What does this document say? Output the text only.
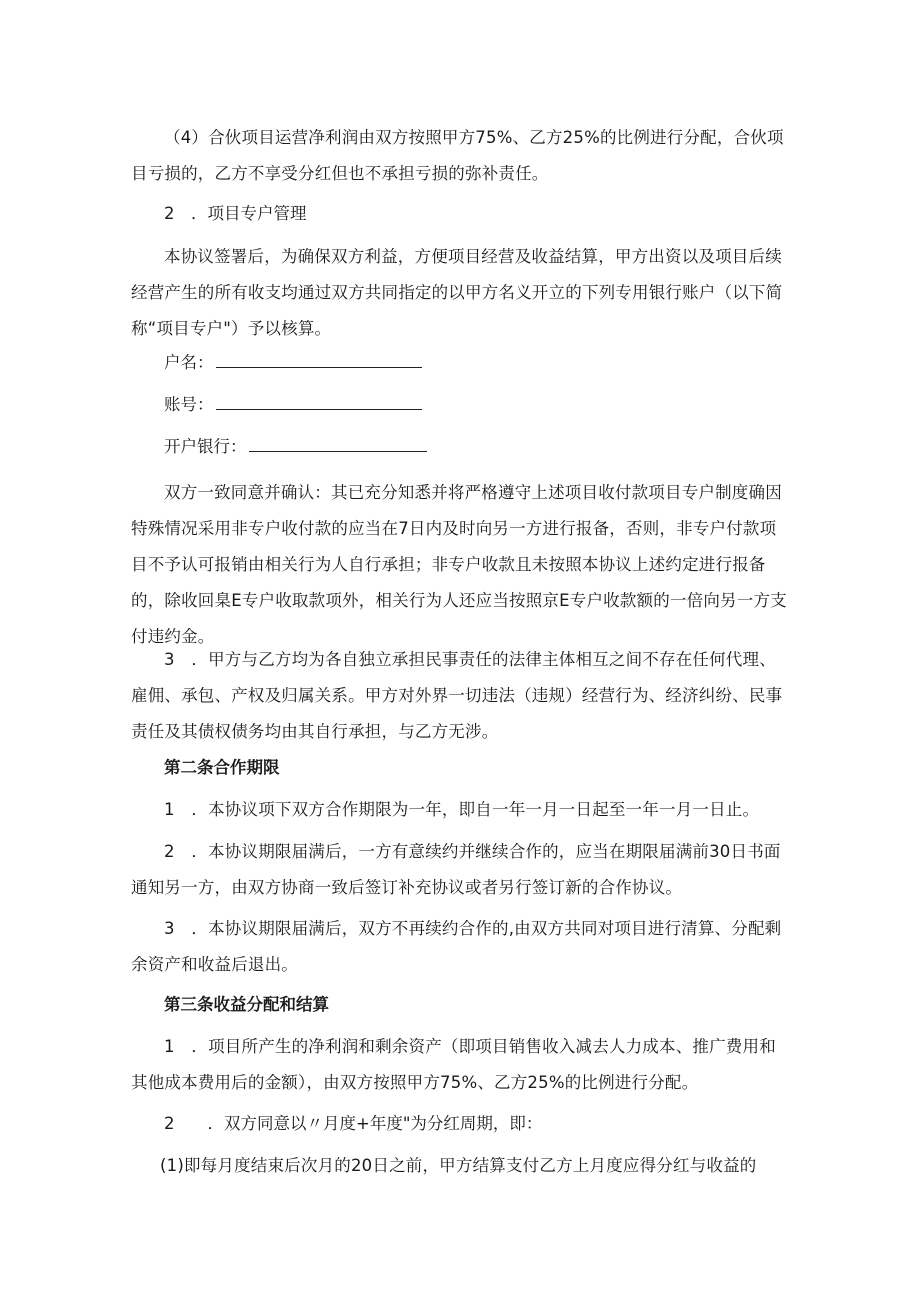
（4）合伙项目运营净利润由双方按照甲方75%、乙方25%的比例进行分配，合伙项目亏损的，乙方不享受分红但也不承担亏损的弥补责任。

2　．项目专户管理

本协议签署后，为确保双方利益，方便项目经营及收益结算，甲方出资以及项目后续经营产生的所有收支均通过双方共同指定的以甲方名义开立的下列专用银行账户（以下简称“项目专户"）予以核算。

户名：
账号：
开户银行：

双方一致同意并确认：其已充分知悉并将严格遵守上述项目收付款项目专户制度确因特殊情况采用非专户收付款的应当在7日内及时向另一方进行报备，否则，非专户付款项目不予认可报销由相关行为人自行承担；非专户收款且未按照本协议上述约定进行报备的，除收回臬E专户收取款项外，相关行为人还应当按照京E专户收款额的一倍向另一方支付违约金。

3　．甲方与乙方均为各自独立承担民事责任的法律主体相互之间不存在任何代理、雇佣、承包、产权及归属关系。甲方对外界一切违法（违规）经营行为、经济纠纷、民事责任及其债权债务均由其自行承担，与乙方无涉。

第二条合作期限

1　．本协议项下双方合作期限为一年，即自一年一月一日起至一年一月一日止。

2　．本协议期限届满后，一方有意续约并继续合作的，应当在期限届满前30日书面通知另一方，由双方协商一致后签订补充协议或者另行签订新的合作协议。

3　．本协议期限届满后，双方不再续约合作的,由双方共同对项目进行清算、分配剩余资产和收益后退出。

第三条收益分配和结算

1　．项目所产生的净利润和剩余资产（即项目销售收入减去人力成本、推广费用和其他成本费用后的金额），由双方按照甲方75%、乙方25%的比例进行分配。

2　　．双方同意以〃月度+年度"为分红周期，即：

(1)即每月度结束后次月的20日之前，甲方结算支付乙方上月度应得分红与收益的
